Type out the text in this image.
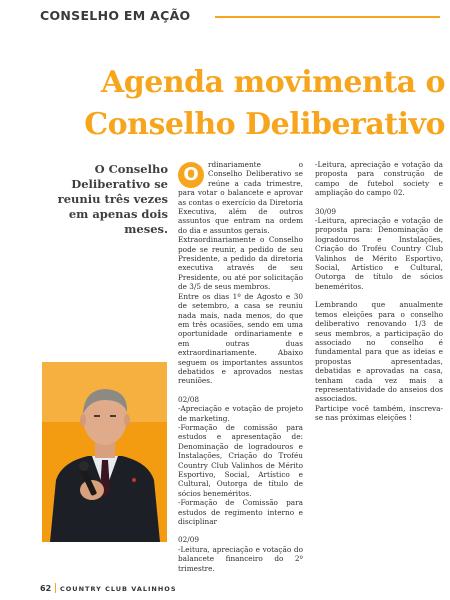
CONSELHO EM AÇÃO
Agenda movimenta o
Conselho Deliberativo
O Conselho Deliberativo se reuniu três vezes em apenas dois meses.
O	rdinariamente o Conselho Deliberativo se reúne a cada trimestre, para votar o balancete e aprovar as contas o exercício da Diretoria Executiva, além de outros assuntos que entram na ordem do dia e assuntos gerais.

Extraordinariamente o Conselho pode se reunir, a pedido de seu Presidente, a pedido da diretoria executiva através de seu Presidente, ou até por solicitação de 3/5 de seus membros.

Entre os dias 1º de Agosto e 30 de setembro, a casa se reuniu nada mais, nada menos, do que em três ocasiões, sendo em uma oportunidade ordinariamente e em outras duas extraordinariamente. Abaixo seguem os importantes assuntos debatidos e aprovados nestas reuniões.

02/08

-Apreciação e votação de projeto de marketing.

-Formação de comissão para estudos e apresentação de: Denominação de logradouros e Instalações, Criação do Troféu Country Club Valinhos de Mérito Esportivo, Social, Artístico e Cultural, Outorga de título de sócios beneméritos.

-Formação de Comissão para estudos de regimento interno e disciplinar

02/09

-Leitura, apreciação e votação do balancete financeiro do 2º trimestre.

-Leitura, apreciação e votação da proposta para construção de campo de futebol society e ampliação do campo 02.

30/09

-Leitura, apreciação e votação de proposta para: Denominação de logradouros e Instalações, Criação do Troféu Country Club Valinhos de Mérito Esportivo, Social, Artístico e Cultural, Outorga de título de sócios beneméritos.

Lembrando que anualmente temos eleições para o conselho deliberativo renovando 1/3 de seus membros, a participação do associado no conselho é fundamental para que as ideias e propostas apresentadas, debatidas e aprovadas na casa, tenham cada vez mais a representatividade do anseios dos associados.

Participe você também, inscreva-se nas próximas eleições !

62 COUNTRY CLUB VALINHOS
